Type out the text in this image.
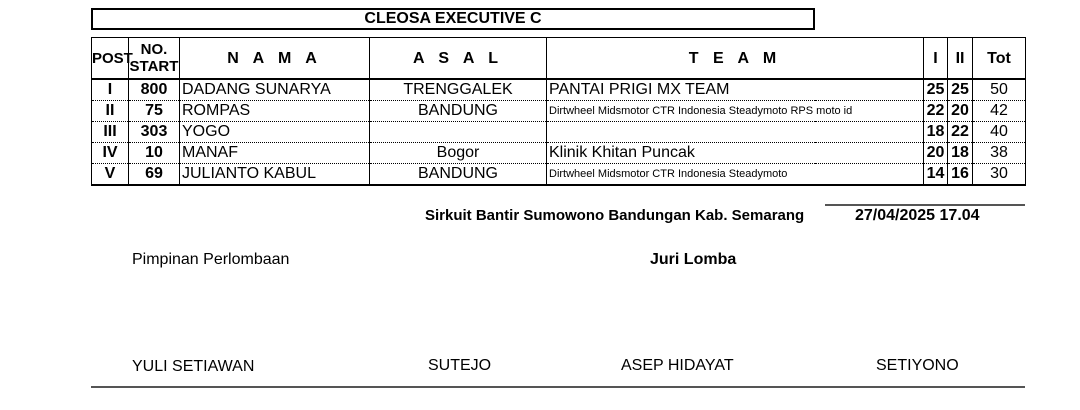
CLEOSA EXECUTIVE C
POST	NO. START	N A M A	A S A L	T E A M	I	II	Tot
I	800	DADANG SUNARYA	TRENGGALEK	PANTAI PRIGI MX TEAM	25	25	50
II	75	ROMPAS	BANDUNG	Dirtwheel Midsmotor CTR Indonesia Steadymoto RPS moto id	22	20	42
III	303	YOGO			18	22	40
IV	10	MANAF	Bogor	Klinik Khitan Puncak	20	18	38
V	69	JULIANTO KABUL	BANDUNG	Dirtwheel Midsmotor CTR Indonesia Steadymoto	14	16	30
Sirkuit Bantir Sumowono Bandungan Kab. Semarang	27/04/2025 17.04
Pimpinan Perlombaan	Juri Lomba
YULI SETIAWAN	SUTEJO	ASEP HIDAYAT	SETIYONO
